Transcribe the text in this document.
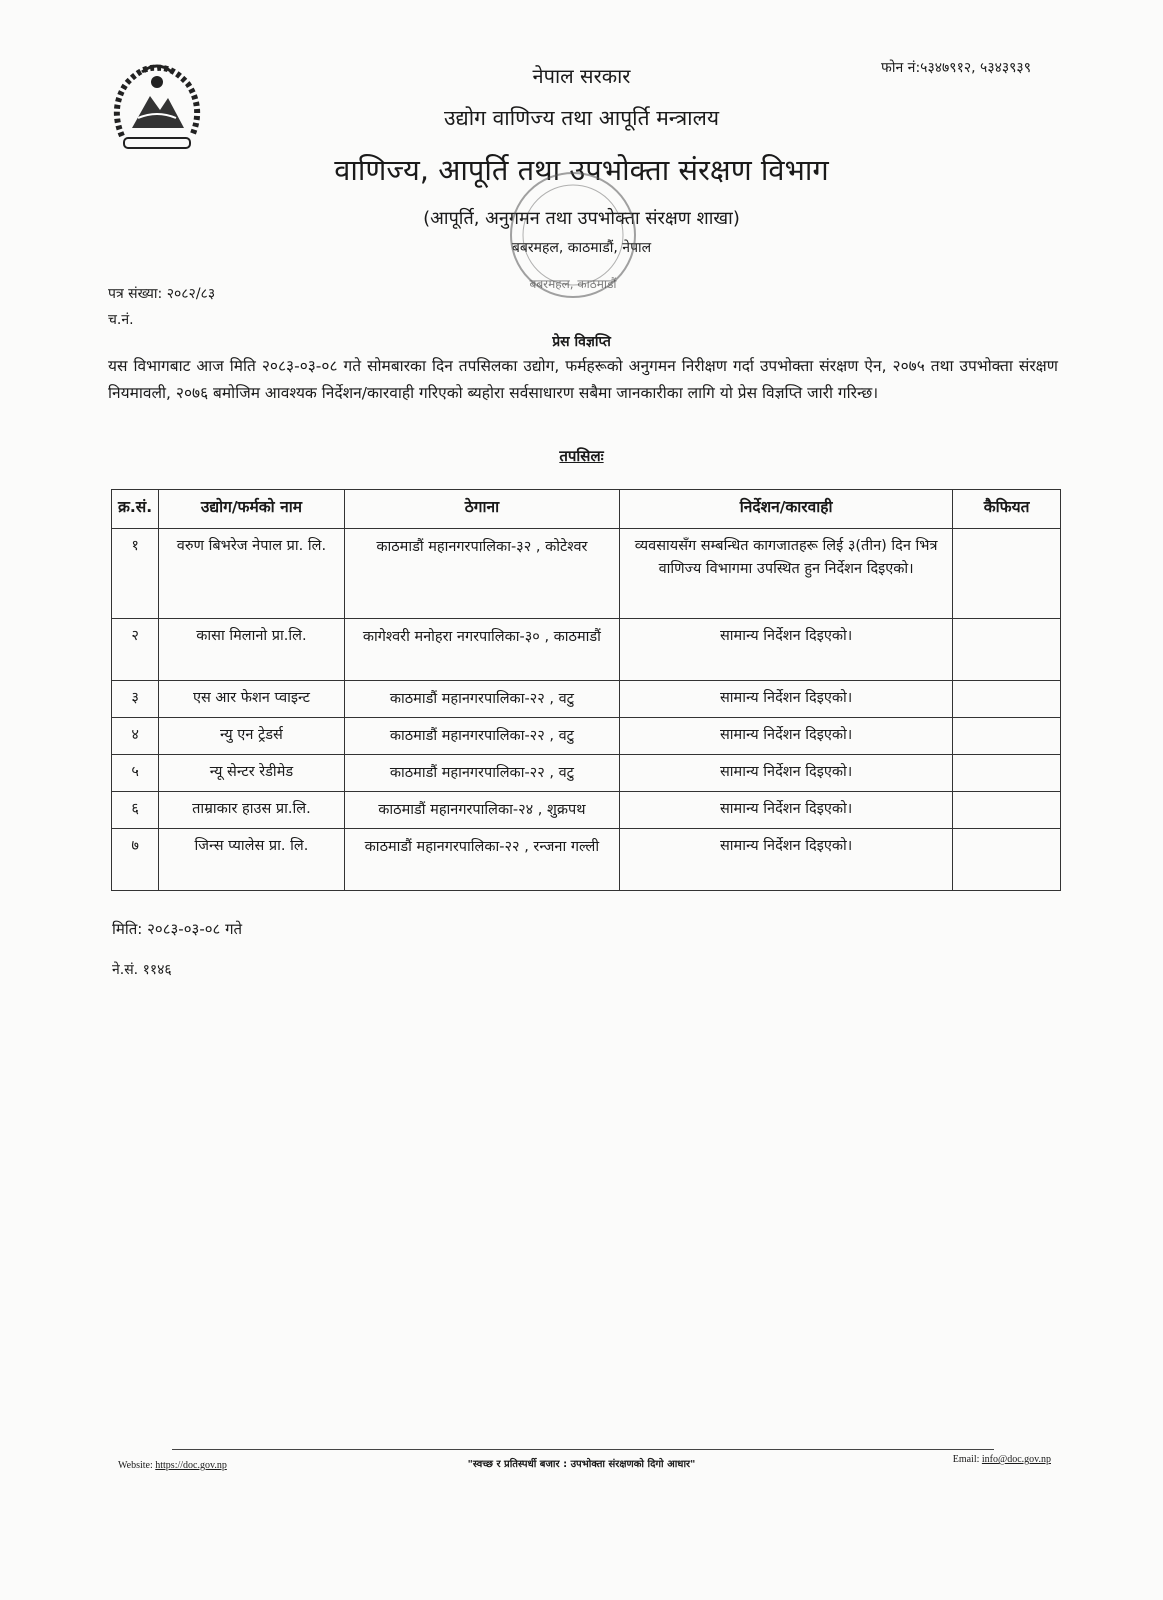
फोन नं:५३४७९१२, ५३४३९३९
नेपाल सरकार
उद्योग वाणिज्य तथा आपूर्ति मन्त्रालय
वाणिज्य, आपूर्ति तथा उपभोक्ता संरक्षण विभाग
(आपूर्ति, अनुगमन तथा उपभोक्ता संरक्षण शाखा)
बबरमहल, काठमाडौं, नेपाल
बबरमहल, काठमाडौं
पत्र संख्या: २०८२/८३
च.नं.
प्रेस विज्ञप्ति
यस विभागबाट आज मिति २०८३-०३-०८ गते सोमबारका दिन तपसिलका उद्योग, फर्महरूको अनुगमन निरीक्षण गर्दा उपभोक्ता संरक्षण ऐन, २०७५ तथा उपभोक्ता संरक्षण नियमावली, २०७६ बमोजिम आवश्यक निर्देशन/कारवाही गरिएको ब्यहोरा सर्वसाधारण सबैमा जानकारीका लागि यो प्रेस विज्ञप्ति जारी गरिन्छ।
तपसिलः
क्र.सं.	उद्योग/फर्मको नाम	ठेगाना	निर्देशन/कारवाही	कैफियत
१	वरुण बिभरेज नेपाल प्रा. लि.	काठमाडौं महानगरपालिका-३२ , कोटेश्वर	व्यवसायसँग सम्बन्धित कागजातहरू लिई ३(तीन) दिन भित्र वाणिज्य विभागमा उपस्थित हुन निर्देशन दिइएको।	
२	कासा मिलानो प्रा.लि.	कागेश्वरी मनोहरा नगरपालिका-३० , काठमाडौं	सामान्य निर्देशन दिइएको।	
३	एस आर फेशन प्वाइन्ट	काठमाडौं महानगरपालिका-२२ , वटु	सामान्य निर्देशन दिइएको।	
४	न्यु एन ट्रेडर्स	काठमाडौं महानगरपालिका-२२ , वटु	सामान्य निर्देशन दिइएको।	
५	न्यू सेन्टर रेडीमेड	काठमाडौं महानगरपालिका-२२ , वटु	सामान्य निर्देशन दिइएको।	
६	ताम्राकार हाउस प्रा.लि.	काठमाडौं महानगरपालिका-२४ , शुक्रपथ	सामान्य निर्देशन दिइएको।	
७	जिन्स प्यालेस प्रा. लि.	काठमाडौं महानगरपालिका-२२ , रन्जना गल्ली	सामान्य निर्देशन दिइएको।	
मिति: २०८३-०३-०८ गते
ने.सं. ११४६
Website: https://doc.gov.np	"स्वच्छ र प्रतिस्पर्धी बजार : उपभोक्ता संरक्षणको दिगो आधार"	Email: info@doc.gov.np
